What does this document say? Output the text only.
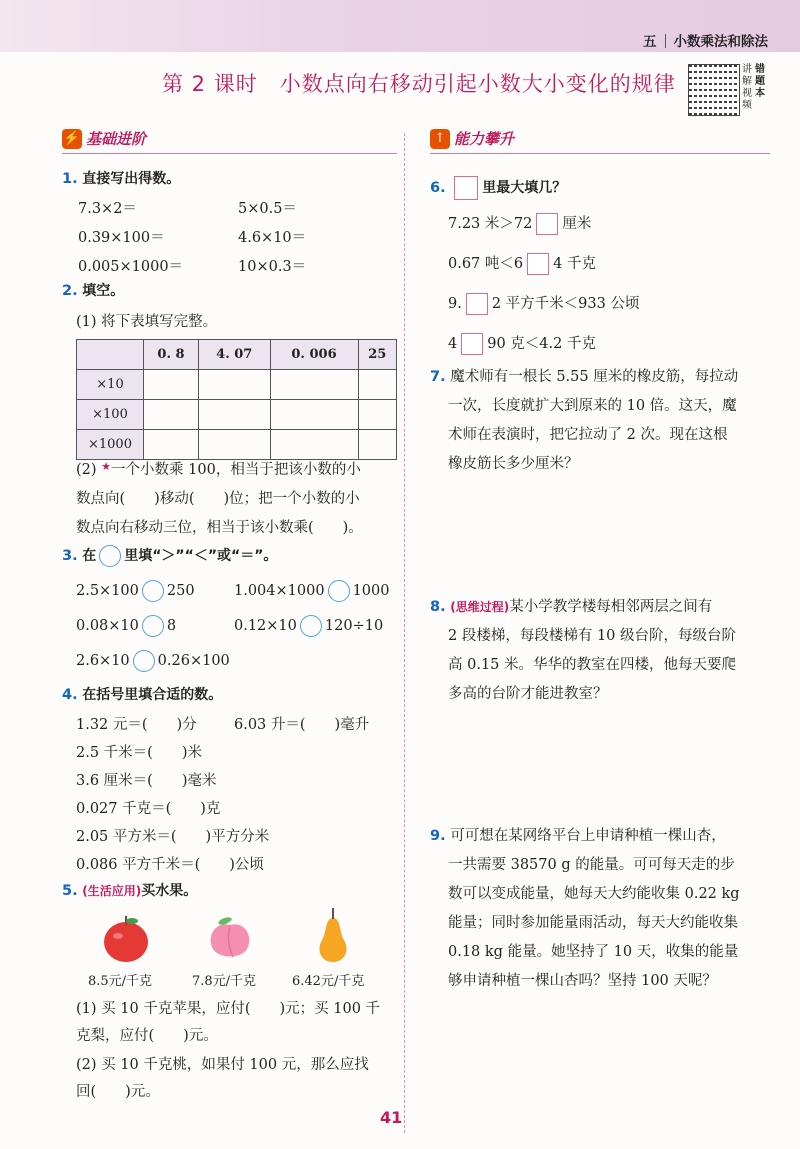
五 小数乘法和除法
第 2 课时 小数点向右移动引起小数大小变化的规律
讲
解
视
频
错
题
本
⚡ 基础进阶	↑ 能力攀升
1. 直接写出得数。
7.3×2＝	5×0.5＝
0.39×100＝	4.6×10＝
0.005×1000＝	10×0.3＝
2. 填空。
(1) 将下表填写完整。
	0. 8	4. 07	0. 006	25
×10				
×100				
×1000				
(2) ★一个小数乘 100，相当于把该小数的小
数点向(　　)移动(　　)位；把一个小数的小
数点向右移动三位，相当于该小数乘(　　)。
3. 在 里填“＞”“＜”或“＝”。
2.5×100 250	1.004×1000 1000
0.08×10 8	0.12×10 120÷10
2.6×10 0.26×100
4. 在括号里填合适的数。
1.32 元＝(　　)分	6.03 升＝(　　)毫升
2.5 千米＝(　　)米
3.6 厘米＝(　　)毫米
0.027 千克＝(　　)克
2.05 平方米＝(　　)平方分米
0.086 平方千米＝(　　)公顷
5. (生活应用)买水果。
8.5元/千克	7.8元/千克	6.42元/千克
(1) 买 10 千克苹果，应付(　　)元；买 100 千
克梨，应付(　　)元。
(2) 买 10 千克桃，如果付 100 元，那么应找
回(　　)元。
6.	里最大填几？
7.23 米＞72 厘米
0.67 吨＜6 4 千克
9. 2 平方千米＜933 公顷
4 90 克＜4.2 千克
7. 魔术师有一根长 5.55 厘米的橡皮筋，每拉动
一次，长度就扩大到原来的 10 倍。这天，魔
术师在表演时，把它拉动了 2 次。现在这根
橡皮筋长多少厘米？
8. (思维过程)某小学教学楼每相邻两层之间有
2 段楼梯，每段楼梯有 10 级台阶，每级台阶
高 0.15 米。华华的教室在四楼，他每天要爬
多高的台阶才能进教室？
9. 可可想在某网络平台上申请种植一棵山杏，
一共需要 38570 g 的能量。可可每天走的步
数可以变成能量，她每天大约能收集 0.22 kg
能量；同时参加能量雨活动，每天大约能收集
0.18 kg 能量。她坚持了 10 天，收集的能量
够申请种植一棵山杏吗？坚持 100 天呢？
41
